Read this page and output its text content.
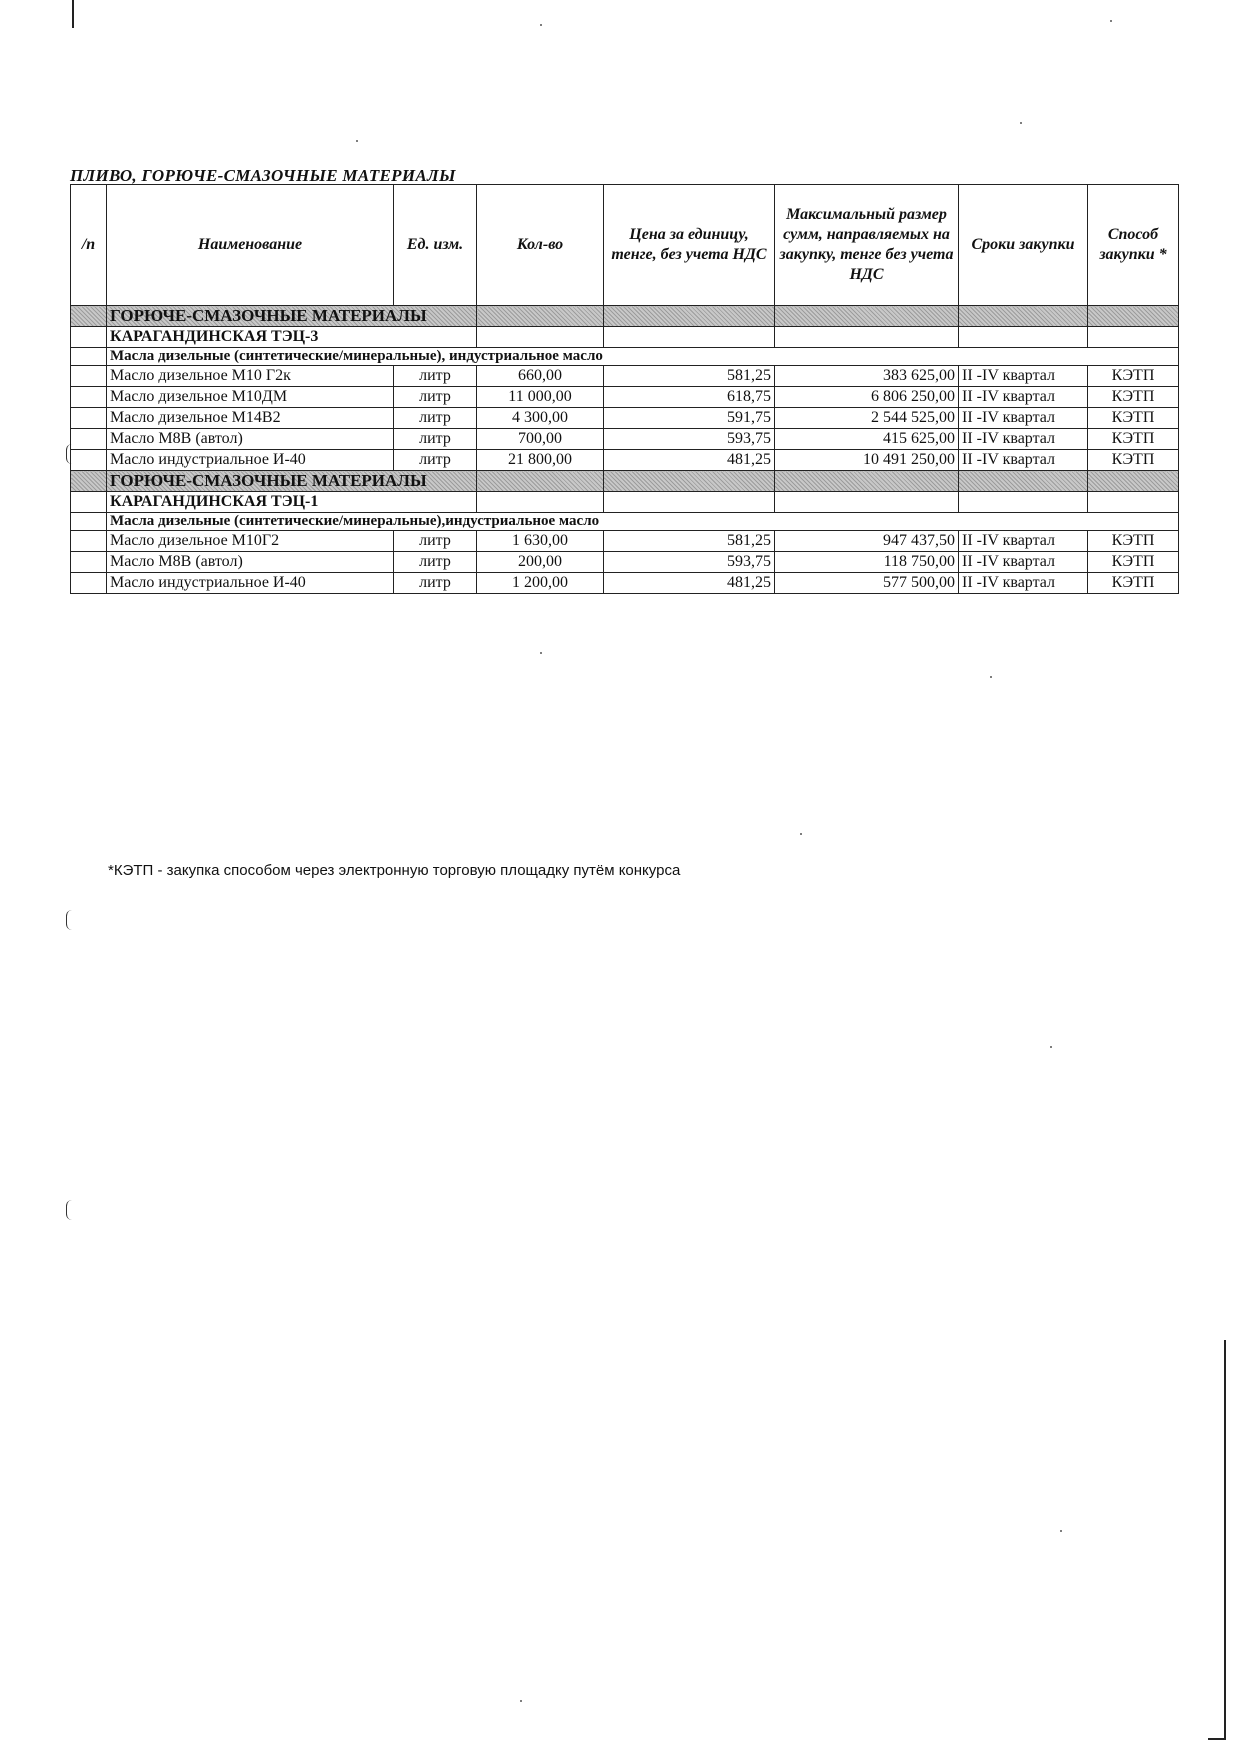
ПЛИВО, ГОРЮЧЕ-СМАЗОЧНЫЕ МАТЕРИАЛЫ
/п	Наименование	Ед. изм.	Кол-во	Цена за единицу, тенге, без учета НДС	Максимальный размер сумм, направляемых на закупку, тенге без учета НДС	Сроки закупки	Способ закупки *
	ГОРЮЧЕ-СМАЗОЧНЫЕ МАТЕРИАЛЫ						
	КАРАГАНДИНСКАЯ ТЭЦ-3						
	Масла дизельные (синтетические/минеральные), индустриальное масло						
	Масло дизельное М10 Г2к	литр	660,00	581,25	383 625,00	II -IV квартал	КЭТП
	Масло дизельное М10ДМ	литр	11 000,00	618,75	6 806 250,00	II -IV квартал	КЭТП
	Масло дизельное М14В2	литр	4 300,00	591,75	2 544 525,00	II -IV квартал	КЭТП
	Масло М8В (автол)	литр	700,00	593,75	415 625,00	II -IV квартал	КЭТП
	Масло индустриальное И-40	литр	21 800,00	481,25	10 491 250,00	II -IV квартал	КЭТП
	ГОРЮЧЕ-СМАЗОЧНЫЕ МАТЕРИАЛЫ						
	КАРАГАНДИНСКАЯ ТЭЦ-1						
	Масла дизельные (синтетические/минеральные),индустриальное масло						
	Масло дизельное М10Г2	литр	1 630,00	581,25	947 437,50	II -IV квартал	КЭТП
	Масло М8В (автол)	литр	200,00	593,75	118 750,00	II -IV квартал	КЭТП
	Масло индустриальное И-40	литр	1 200,00	481,25	577 500,00	II -IV квартал	КЭТП
*КЭТП - закупка способом через электронную торговую площадку путём конкурса
